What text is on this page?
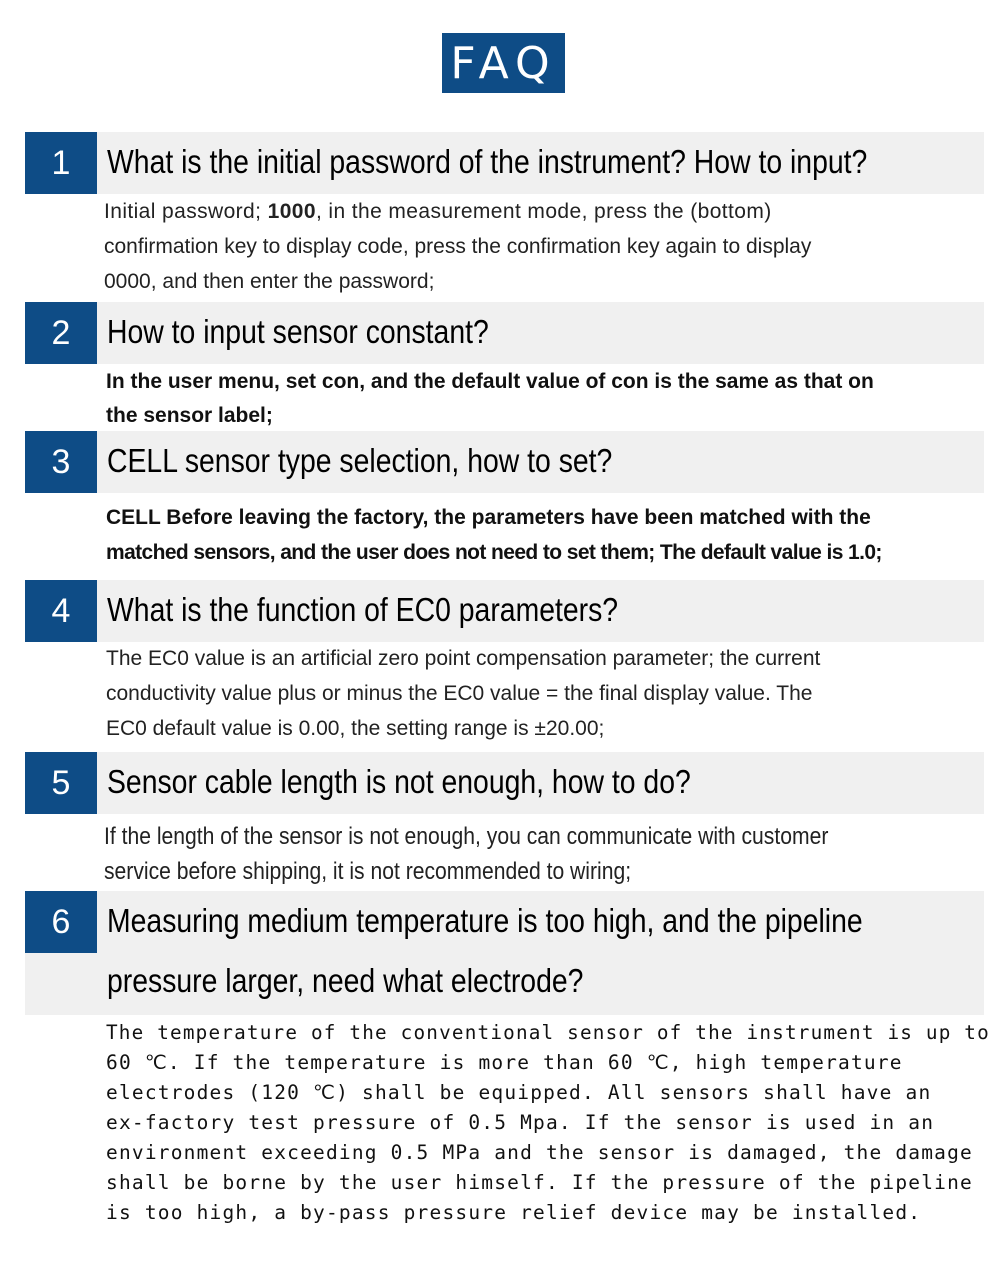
FAQ
1	What is the initial password of the instrument? How to input?
Initial password; 1000, in the measurement mode, press the (bottom)
confirmation key to display code, press the confirmation key again to display
0000, and then enter the password;
2	How to input sensor constant?
In the user menu, set con, and the default value of con is the same as that on
the sensor label;
3	CELL sensor type selection, how to set?
CELL Before leaving the factory, the parameters have been matched with the
matched sensors, and the user does not need to set them; The default value is 1.0;
4	What is the function of EC0 parameters?
The EC0 value is an artificial zero point compensation parameter; the current
conductivity value plus or minus the EC0 value = the final display value. The
EC0 default value is 0.00, the setting range is ±20.00;
5	Sensor cable length is not enough, how to do?
If the length of the sensor is not enough, you can communicate with customer
service before shipping, it is not recommended to wiring;
6	Measuring medium temperature is too high, and the pipeline
pressure larger, need what electrode?
The temperature of the conventional sensor of the instrument is up to
60 ℃. If the temperature is more than 60 ℃, high temperature
electrodes (120 ℃) shall be equipped. All sensors shall have an
ex-factory test pressure of 0.5 Mpa. If the sensor is used in an
environment exceeding 0.5 MPa and the sensor is damaged, the damage
shall be borne by the user himself. If the pressure of the pipeline
is too high, a by-pass pressure relief device may be installed.
